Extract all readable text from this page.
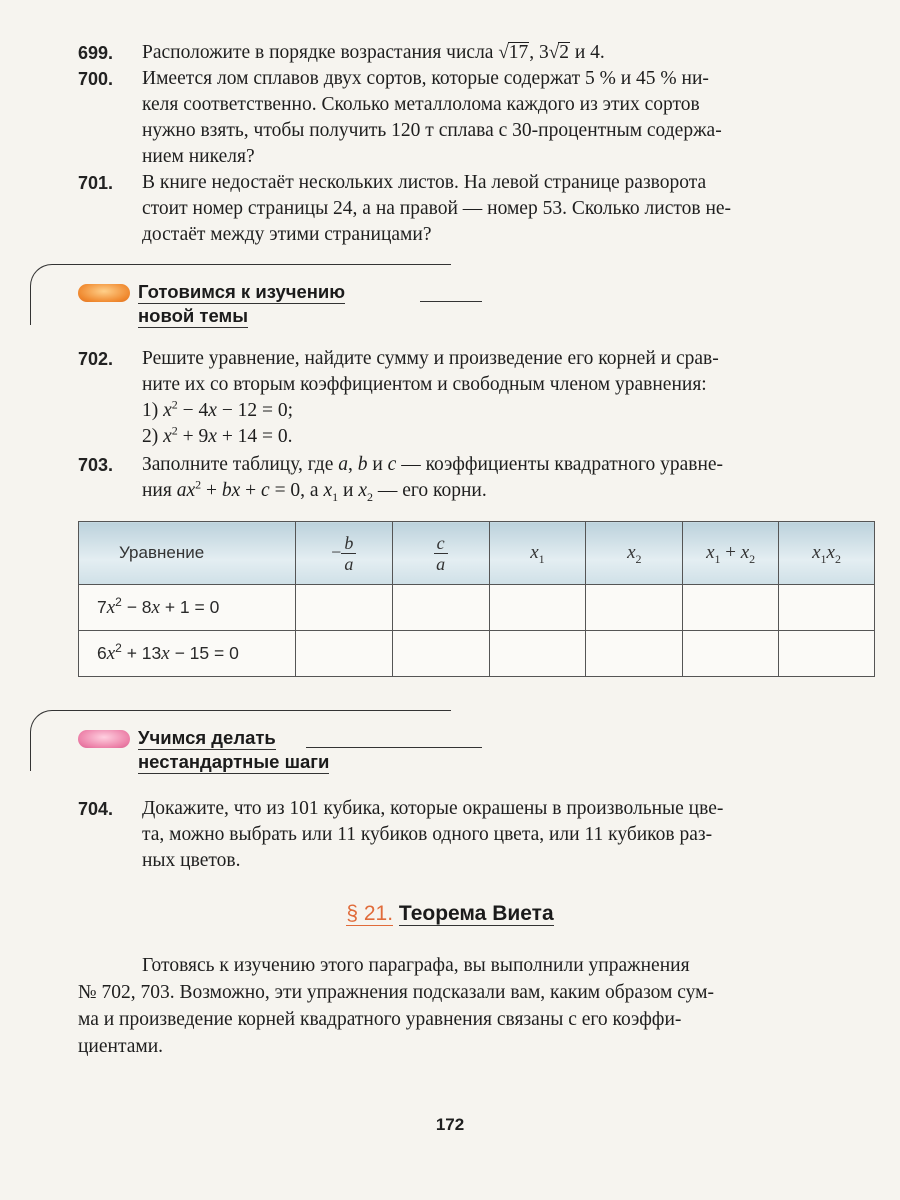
699.	Расположите в порядке возрастания числа √17, 3√2 и 4.
700.	Имеется лом сплавов двух сортов, которые содержат 5 % и 45 % ни-
келя соответственно. Сколько металлолома каждого из этих сортов
нужно взять, чтобы получить 120 т сплава с 30-процентным содержа-
нием никеля?
701.	В книге недостаёт нескольких листов. На левой странице разворота
стоит номер страницы 24, а на правой — номер 53. Сколько листов не-
достаёт между этими страницами?
Готовимся к изучению
новой темы
702.	Решите уравнение, найдите сумму и произведение его корней и срав-
ните их со вторым коэффициентом и свободным членом уравнения:
1) $x^2 - 4x - 12 = 0$;
2) $x^2 + 9x + 14 = 0$.
703.	Заполните таблицу, где a, b и c — коэффициенты квадратного уравне-
ния $ax^2$ + bx + c = 0, а $x_1$ и $x_2$ — его корни.
Уравнение	− $\frac{b}{a}$	$\frac{c}{a}$	$x_1$	$x_2$	$x_1 + x_2$	$x_1x_2$
$7x^2 - 8x + 1 = 0$						
$6x^2 + 13x - 15 = 0$						
Учимся делать
нестандартные шаги
704.	Докажите, что из 101 кубика, которые окрашены в произвольные цве-
та, можно выбрать или 11 кубиков одного цвета, или 11 кубиков раз-
ных цветов.
§ 21. Теорема Виета
Готовясь к изучению этого параграфа, вы выполнили упражнения
№ 702, 703. Возможно, эти упражнения подсказали вам, каким образом сум-
ма и произведение корней квадратного уравнения связаны с его коэффи-
циентами.
172
